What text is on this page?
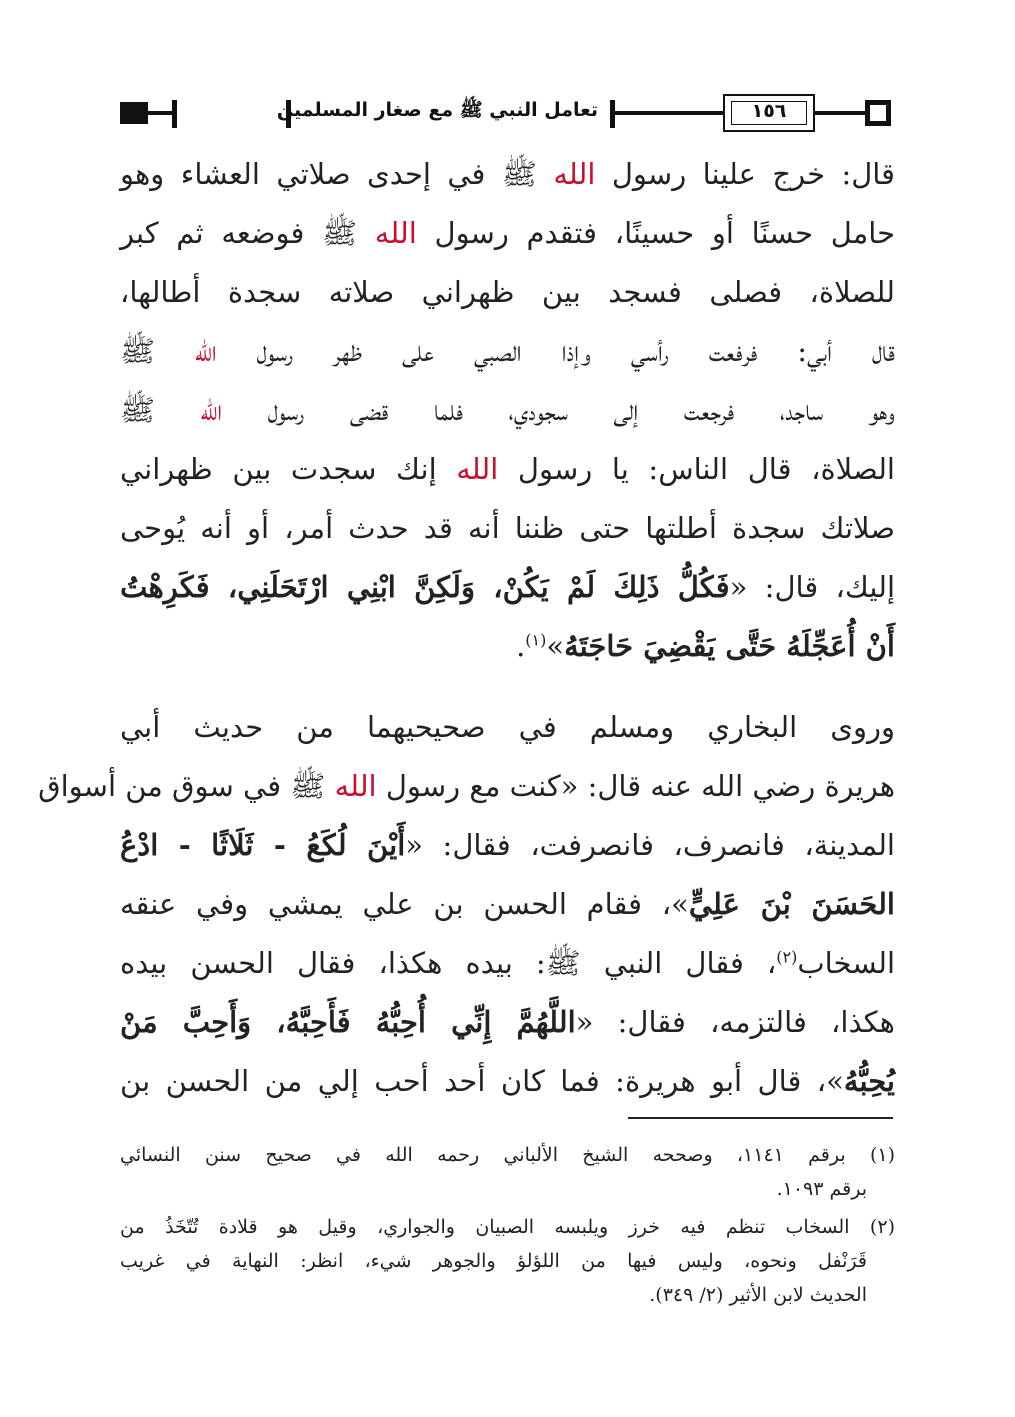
تعامل النبي ﷺ مع صغار المسلمين	١٥٦
قال: خرج علينا رسول الله ﷺ في إحدى صلاتي العشاء وهو
حامل حسنًا أو حسينًا، فتقدم رسول الله ﷺ فوضعه ثم كبر
للصلاة، فصلى فسجد بين ظهراني صلاته سجدة أطالها،
قال أبي: فرفعت رأسي وإذا الصبي على ظهر رسول الله ﷺ
وهو ساجد، فرجعت إلى سجودي، فلما قضى رسول الله ﷺ
الصلاة، قال الناس: يا رسول الله إنك سجدت بين ظهراني
صلاتك سجدة أطلتها حتى ظننا أنه قد حدث أمر، أو أنه يُوحى
إليك، قال: «فَكُلُّ ذَلِكَ لَمْ يَكُنْ، وَلَكِنَّ ابْنِي ارْتَحَلَنِي، فَكَرِهْتُ
أَنْ أُعَجِّلَهُ حَتَّى يَقْضِيَ حَاجَتَهُ»$^{(١)}$.
وروى البخاري ومسلم في صحيحيهما من حديث أبي
هريرة رضي الله عنه قال: «كنت مع رسول الله ﷺ في سوق من أسواق
المدينة، فانصرف، فانصرفت، فقال: «أَيْنَ لُكَعُ - ثَلَاثًا - ادْعُ
الحَسَنَ بْنَ عَلِيٍّ»، فقام الحسن بن علي يمشي وفي عنقه
السخاب$^{(٢)}$، فقال النبي ﷺ: بيده هكذا، فقال الحسن بيده
هكذا، فالتزمه، فقال: «اللَّهُمَّ إِنِّي أُحِبُّهُ فَأَحِبَّهُ، وَأَحِبَّ مَنْ
يُحِبُّهُ»، قال أبو هريرة: فما كان أحد أحب إلي من الحسن بن
(١) برقم ١١٤١، وصححه الشيخ الألباني رحمه الله في صحيح سنن النسائي
برقم ١٠٩٣.
(٢) السخاب تنظم فيه خرز ويلبسه الصبيان والجواري، وقيل هو قلادة تُتّخَذُ من
قَرَنْفل ونحوه، وليس فيها من اللؤلؤ والجوهر شيء، انظر: النهاية في غريب
الحديث لابن الأثير (٢/ ٣٤٩).
